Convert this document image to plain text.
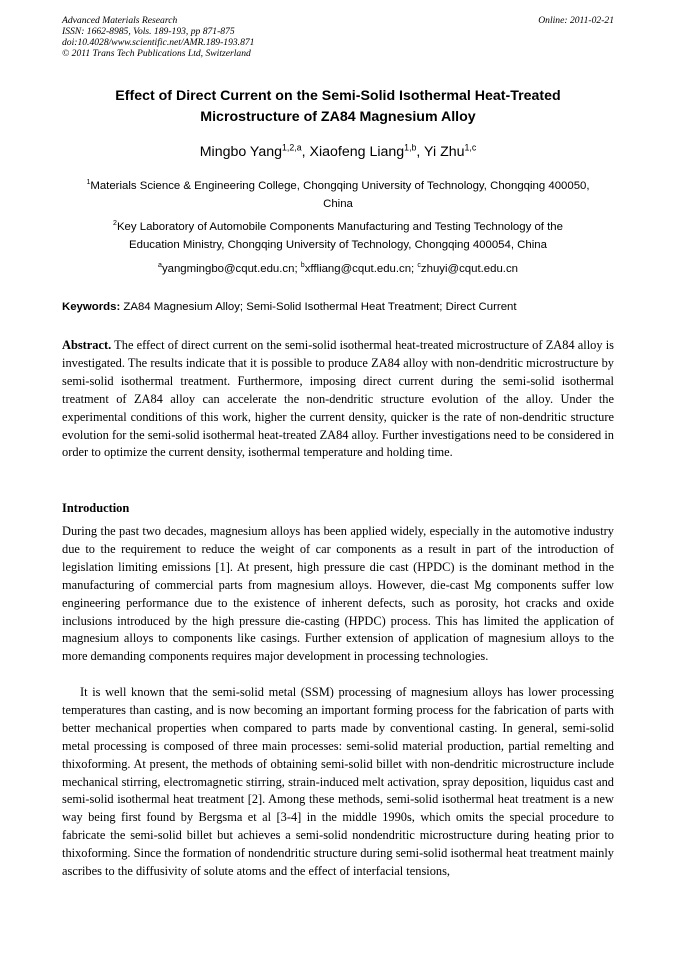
Advanced Materials Research
ISSN: 1662-8985, Vols. 189-193, pp 871-875
doi:10.4028/www.scientific.net/AMR.189-193.871
© 2011 Trans Tech Publications Ltd, Switzerland
Online: 2011-02-21
Effect of Direct Current on the Semi-Solid Isothermal Heat-Treated
Microstructure of ZA84 Magnesium Alloy
Mingbo Yang$^{1,2,a}$, Xiaofeng Liang$^{1,b}$, Yi Zhu$^{1,c}$
$^1$Materials Science & Engineering College, Chongqing University of Technology, Chongqing 400050,
China
$^2$Key Laboratory of Automobile Components Manufacturing and Testing Technology of the
Education Ministry, Chongqing University of Technology, Chongqing 400054, China
$^a$yangmingbo@cqut.edu.cn; $^b$xffliang@cqut.edu.cn; $^c$zhuyi@cqut.edu.cn
Keywords: ZA84 Magnesium Alloy; Semi-Solid Isothermal Heat Treatment; Direct Current

Abstract. The effect of direct current on the semi-solid isothermal heat-treated microstructure of ZA84 alloy is investigated. The results indicate that it is possible to produce ZA84 alloy with non-dendritic microstructure by semi-solid isothermal treatment. Furthermore, imposing direct current during the semi-solid isothermal treatment of ZA84 alloy can accelerate the non-dendritic structure evolution of the alloy. Under the experimental conditions of this work, higher the current density, quicker is the rate of non-dendritic structure evolution for the semi-solid isothermal heat-treated ZA84 alloy. Further investigations need to be considered in order to optimize the current density, isothermal temperature and holding time.

Introduction

During the past two decades, magnesium alloys has been applied widely, especially in the automotive industry due to the requirement to reduce the weight of car components as a result in part of the introduction of legislation limiting emissions [1]. At present, high pressure die cast (HPDC) is the dominant method in the manufacturing of commercial parts from magnesium alloys. However, die-cast Mg components suffer low engineering performance due to the existence of inherent defects, such as porosity, hot cracks and oxide inclusions introduced by the high pressure die-casting (HPDC) process. This has limited the application of magnesium alloys to components like casings. Further extension of application of magnesium alloys to the more demanding components requires major development in processing technologies.

It is well known that the semi-solid metal (SSM) processing of magnesium alloys has lower processing temperatures than casting, and is now becoming an important forming process for the fabrication of parts with better mechanical properties when compared to parts made by conventional casting. In general, semi-solid metal processing is composed of three main processes: semi-solid material production, partial remelting and thixoforming. At present, the methods of obtaining semi-solid billet with non-dendritic microstructure include mechanical stirring, electromagnetic stirring, strain-induced melt activation, spray deposition, liquidus cast and semi-solid isothermal heat treatment [2]. Among these methods, semi-solid isothermal heat treatment is a new way being first found by Bergsma et al [3-4] in the middle 1990s, which omits the special procedure to fabricate the semi-solid billet but achieves a semi-solid nondendritic microstructure during heating prior to thixoforming. Since the formation of nondendritic structure during semi-solid isothermal heat treatment mainly ascribes to the diffusivity of solute atoms and the effect of interfacial tensions,
